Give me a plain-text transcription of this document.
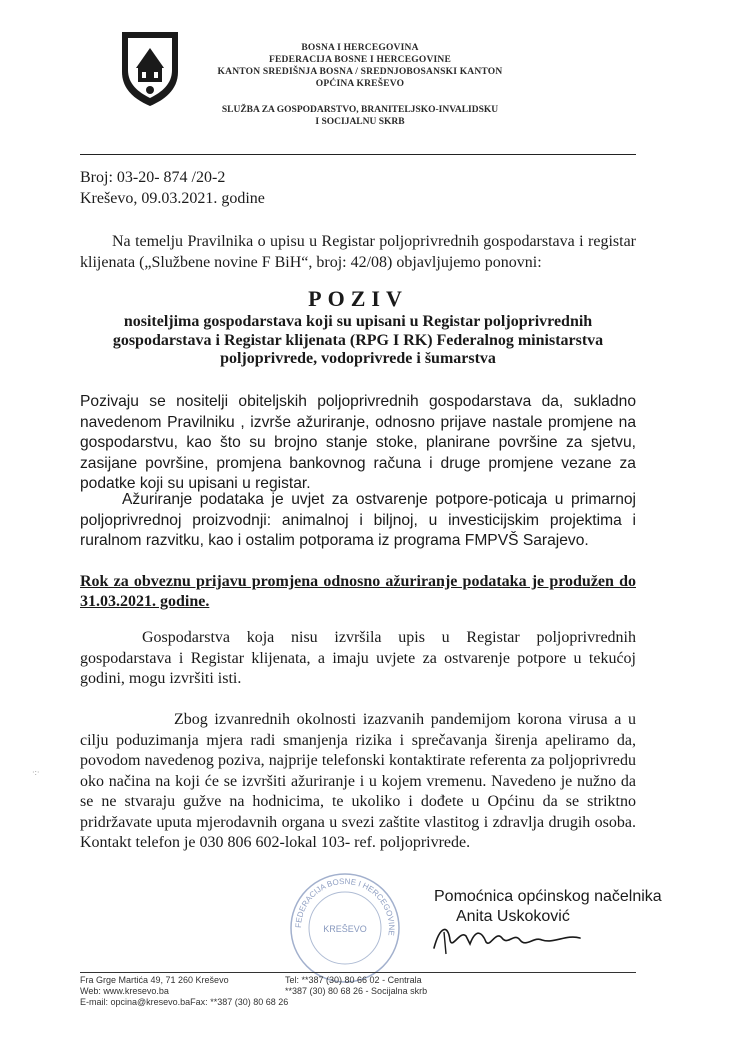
BOSNA I HERCEGOVINA
FEDERACIJA BOSNE I HERCEGOVINE
KANTON SREDIŠNJA BOSNA / SREDNJOBOSANSKI KANTON
OPĆINA KREŠEVO
SLUŽBA ZA GOSPODARSTVO, BRANITELJSKO-INVALIDSKU
I SOCIJALNU SKRB
Broj: 03-20- 874 /20-2
Kreševo, 09.03.2021. godine
Na temelju Pravilnika o upisu u Registar poljoprivrednih gospodarstava i registar klijenata („Službene novine F BiH“, broj: 42/08) objavljujemo ponovni:
POZIV
nositeljima gospodarstava koji su upisani u Registar poljoprivrednih gospodarstava i Registar klijenata (RPG I RK) Federalnog ministarstva poljoprivrede, vodoprivrede i šumarstva
Pozivaju se nositelji obiteljskih poljoprivrednih gospodarstava da, sukladno navedenom Pravilniku , izvrše ažuriranje, odnosno prijave nastale promjene na gospodarstvu, kao što su brojno stanje stoke, planirane površine za sjetvu, zasijane površine, promjena bankovnog računa i druge promjene vezane za podatke koji su upisani u registar.
Ažuriranje podataka je uvjet za ostvarenje potpore-poticaja u primarnoj poljoprivrednoj proizvodnji: animalnoj i biljnoj, u investicijskim projektima i ruralnom razvitku, kao i ostalim potporama iz programa FMPVŠ Sarajevo.
Rok za obveznu prijavu promjena odnosno ažuriranje podataka je produžen do 31.03.2021. godine.
Gospodarstva koja nisu izvršila upis u Registar poljoprivrednih gospodarstava i Registar klijenata, a imaju uvjete za ostvarenje potpore u tekućoj godini, mogu izvršiti isti.
Zbog izvanrednih okolnosti izazvanih pandemijom korona virusa a u cilju poduzimanja mjera radi smanjenja rizika i sprečavanja širenja apeliramo da, povodom navedenog poziva, najprije telefonski kontaktirate referenta za poljoprivredu oko načina na koji će se izvršiti ažuriranje i u kojem vremenu. Navedeno je nužno da se ne stvaraju gužve na hodnicima, te ukoliko i dođete u Općinu da se striktno pridržavate uputa mjerodavnih organa u svezi zaštite vlastitog i zdravlja drugih osoba. Kontakt telefon je 030 806 602-lokal 103- ref. poljoprivrede.
FEDERACIJA BOSNE I HERCEGOVINE
KREŠEVO
Pomoćnica općinskog načelnika
Anita Uskoković
·:·
Fra Grge Martića 49, 71 260 Kreševo
Web: www.kresevo.ba
E-mail: opcina@kresevo.baFax: **387 (30) 80 68 26
Tel: **387 (30) 80 66 02 - Centrala
**387 (30) 80 68 26 - Socijalna skrb
